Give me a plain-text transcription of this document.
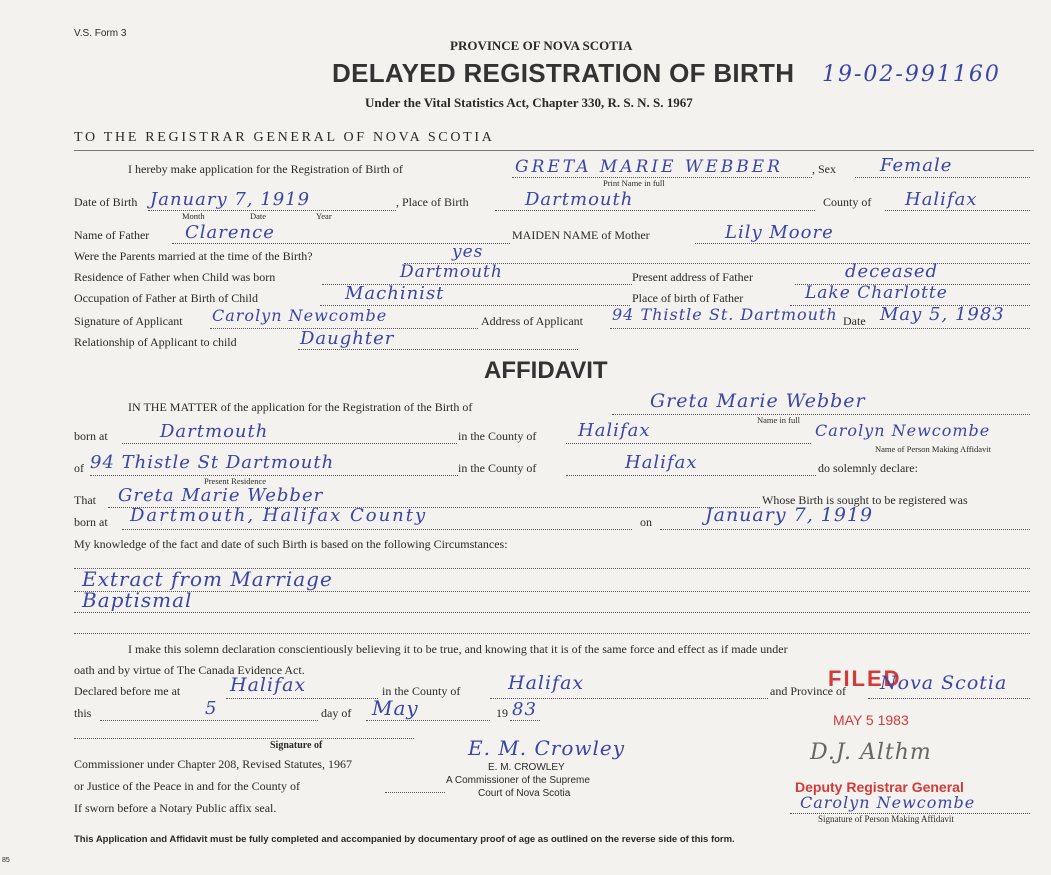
V.S. Form 3
PROVINCE OF NOVA SCOTIA
DELAYED REGISTRATION OF BIRTH 19-02-991160
Under the Vital Statistics Act, Chapter 330, R. S. N. S. 1967
TO THE REGISTRAR GENERAL OF NOVA SCOTIA
I hereby make application for the Registration of Birth of	GRETA MARIE WEBBER
Print Name in full
, Sex Female
Date of Birth January 7, 1919
Month	Date	Year
, Place of Birth	Dartmouth	County of Halifax
Name of Father Clarence	MAIDEN NAME of Mother	Lily Moore
Were the Parents married at the time of the Birth?	yes
Residence of Father when Child was born	Dartmouth	Present address of Father	deceased
Occupation of Father at Birth of Child	Machinist	Place of birth of Father	Lake Charlotte
Signature of Applicant Carolyn Newcombe	Address of Applicant 94 Thistle St. Dartmouth Date May 5, 1983
Relationship of Applicant to child	Daughter
AFFIDAVIT
IN THE MATTER of the application for the Registration of the Birth of	Greta Marie Webber
Name in full
born at	Dartmouth	in the County of Halifax	Carolyn Newcombe
Name of Person Making Affidavit
of 94 Thistle St Dartmouth
Present Residence
in the County of	Halifax	do solemnly declare:
That Greta Marie Webber	Whose Birth is sought to be registered was
born at Dartmouth, Halifax County	on	January 7, 1919
My knowledge of the fact and date of such Birth is based on the following Circumstances:
Extract from Marriage
Baptismal
I make this solemn declaration conscientiously believing it to be true, and knowing that it is of the same force and effect as if made under
oath and by virtue of The Canada Evidence Act.
Declared before me at	Halifax	in the County of	Halifax	and Province of
FILED
Nova Scotia
this	5	day of May	19 83	MAY 5 1983
Signature of	E. M. Crowley
Commissioner under Chapter 208, Revised Statutes, 1967	E. M. CROWLEY
or Justice of the Peace in and for the County of	A Commissioner of the Supreme
Court of Nova Scotia
If sworn before a Notary Public affix seal.
D.J. Althm
Deputy Registrar General
Carolyn Newcombe
Signature of Person Making Affidavit
This Application and Affidavit must be fully completed and accompanied by documentary proof of age as outlined on the reverse side of this form.
85
